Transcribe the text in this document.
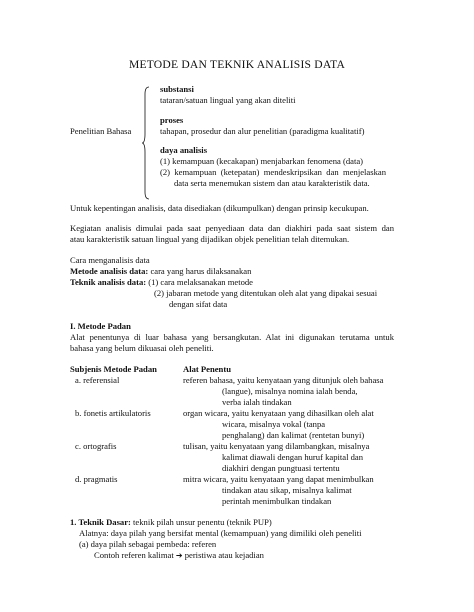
METODE DAN TEKNIK ANALISIS DATA
Penelitian Bahasa
substansi
tataran/satuan lingual yang akan diteliti
proses
tahapan, prosedur dan alur penelitian (paradigma kualitatif)
daya analisis
(1) kemampuan (kecakapan) menjabarkan fenomena (data)
(2) kemampuan (ketepatan) mendeskripsikan dan menjelaskan
data serta menemukan sistem dan atau karakteristik data.
Untuk kepentingan analisis, data disediakan (dikumpulkan) dengan prinsip kecukupan.
Kegiatan analisis dimulai pada saat penyediaan data dan diakhiri pada saat sistem dan
atau karakteristik satuan lingual yang dijadikan objek penelitian telah ditemukan.
Cara menganalisis data
Metode analisis data: cara yang harus dilaksanakan
Teknik analisis data: (1) cara melaksanakan metode
(2) jabaran metode yang ditentukan oleh alat yang dipakai sesuai
dengan sifat data
I. Metode Padan
Alat penentunya di luar bahasa yang bersangkutan. Alat ini digunakan terutama untuk
bahasa yang belum dikuasai oleh peneliti.
Subjenis Metode Padan	Alat Penentu
a. referensial	referen bahasa, yaitu kenyataan yang ditunjuk oleh bahasa
(langue), misalnya nomina ialah benda,
verba ialah tindakan
b. fonetis artikulatoris	organ wicara, yaitu kenyataan yang dihasilkan oleh alat
wicara, misalnya vokal (tanpa
penghalang) dan kalimat (rentetan bunyi)
c. ortografis	tulisan, yaitu kenyataan yang dilambangkan, misalnya
kalimat diawali dengan huruf kapital dan
diakhiri dengan pungtuasi tertentu
d. pragmatis	mitra wicara, yaitu kenyataan yang dapat menimbulkan
tindakan atau sikap, misalnya kalimat
perintah menimbulkan tindakan
1. Teknik Dasar: teknik pilah unsur penentu (teknik PUP)
Alatnya: daya pilah yang bersifat mental (kemampuan) yang dimiliki oleh peneliti
(a) daya pilah sebagai pembeda: referen
Contoh referen kalimat ➔ peristiwa atau kejadian
